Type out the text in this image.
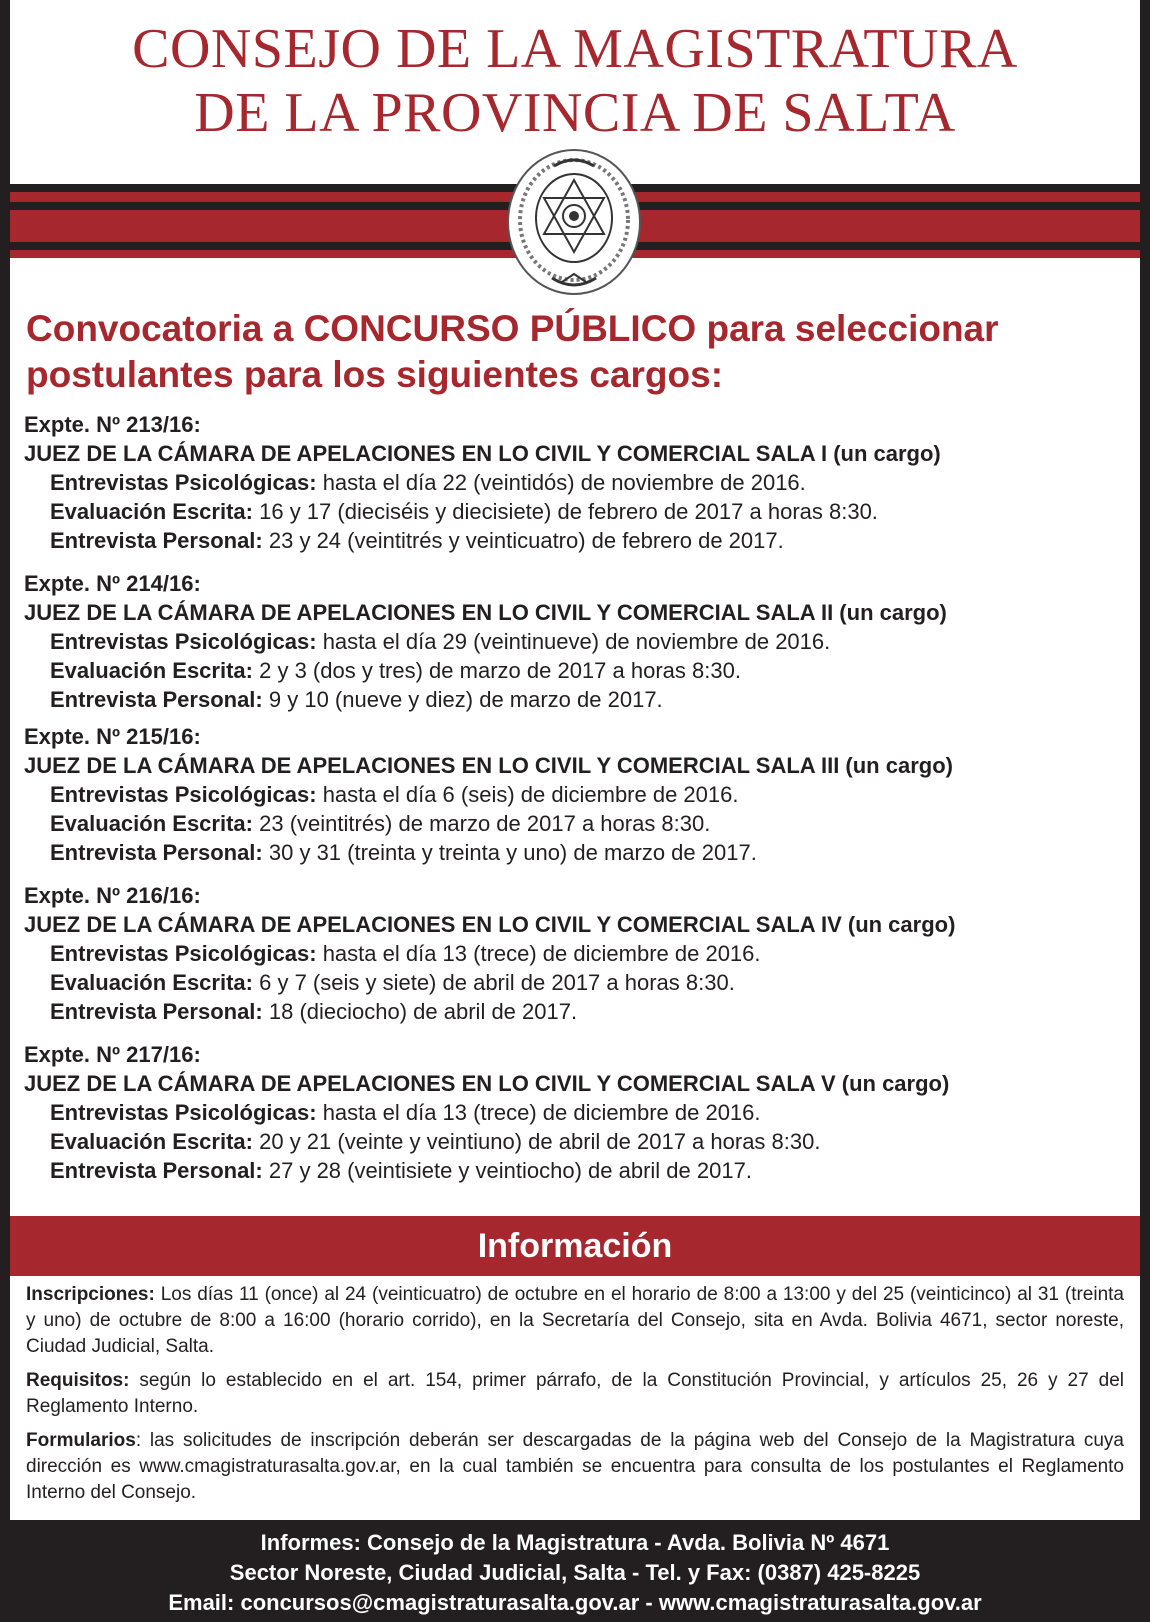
CONSEJO DE LA MAGISTRATURA
DE LA PROVINCIA DE SALTA
Convocatoria a CONCURSO PÚBLICO para seleccionar
postulantes para los siguientes cargos:
Expte. Nº 213/16:
JUEZ DE LA CÁMARA DE APELACIONES EN LO CIVIL Y COMERCIAL SALA I (un cargo)
Entrevistas Psicológicas: hasta el día 22 (veintidós) de noviembre de 2016.
Evaluación Escrita: 16 y 17 (dieciséis y diecisiete) de febrero de 2017 a horas 8:30.
Entrevista Personal: 23 y 24 (veintitrés y veinticuatro) de febrero de 2017.
Expte. Nº 214/16:
JUEZ DE LA CÁMARA DE APELACIONES EN LO CIVIL Y COMERCIAL SALA II (un cargo)
Entrevistas Psicológicas: hasta el día 29 (veintinueve) de noviembre de 2016.
Evaluación Escrita: 2 y 3 (dos y tres) de marzo de 2017 a horas 8:30.
Entrevista Personal: 9 y 10 (nueve y diez) de marzo de 2017.
Expte. Nº 215/16:
JUEZ DE LA CÁMARA DE APELACIONES EN LO CIVIL Y COMERCIAL SALA III (un cargo)
Entrevistas Psicológicas: hasta el día 6 (seis) de diciembre de 2016.
Evaluación Escrita: 23 (veintitrés) de marzo de 2017 a horas 8:30.
Entrevista Personal: 30 y 31 (treinta y treinta y uno) de marzo de 2017.
Expte. Nº 216/16:
JUEZ DE LA CÁMARA DE APELACIONES EN LO CIVIL Y COMERCIAL SALA IV (un cargo)
Entrevistas Psicológicas: hasta el día 13 (trece) de diciembre de 2016.
Evaluación Escrita: 6 y 7 (seis y siete) de abril de 2017 a horas 8:30.
Entrevista Personal: 18 (dieciocho) de abril de 2017.
Expte. Nº 217/16:
JUEZ DE LA CÁMARA DE APELACIONES EN LO CIVIL Y COMERCIAL SALA V (un cargo)
Entrevistas Psicológicas: hasta el día 13 (trece) de diciembre de 2016.
Evaluación Escrita: 20 y 21 (veinte y veintiuno) de abril de 2017 a horas 8:30.
Entrevista Personal: 27 y 28 (veintisiete y veintiocho) de abril de 2017.
Información

Inscripciones: Los días 11 (once) al 24 (veinticuatro) de octubre en el horario de 8:00 a 13:00 y del 25 (veinticinco) al 31 (treinta y uno) de octubre de 8:00 a 16:00 (horario corrido), en la Secretaría del Consejo, sita en Avda. Bolivia 4671, sector noreste, Ciudad Judicial, Salta.

Requisitos: según lo establecido en el art. 154, primer párrafo, de la Constitución Provincial, y artículos 25, 26 y 27 del Reglamento Interno.

Formularios: las solicitudes de inscripción deberán ser descargadas de la página web del Consejo de la Magistratura cuya dirección es www.cmagistraturasalta.gov.ar, en la cual también se encuentra para consulta de los postulantes el Reglamento Interno del Consejo.

Informes: Consejo de la Magistratura - Avda. Bolivia Nº 4671
Sector Noreste, Ciudad Judicial, Salta - Tel. y Fax: (0387) 425-8225
Email: concursos@cmagistraturasalta.gov.ar - www.cmagistraturasalta.gov.ar
